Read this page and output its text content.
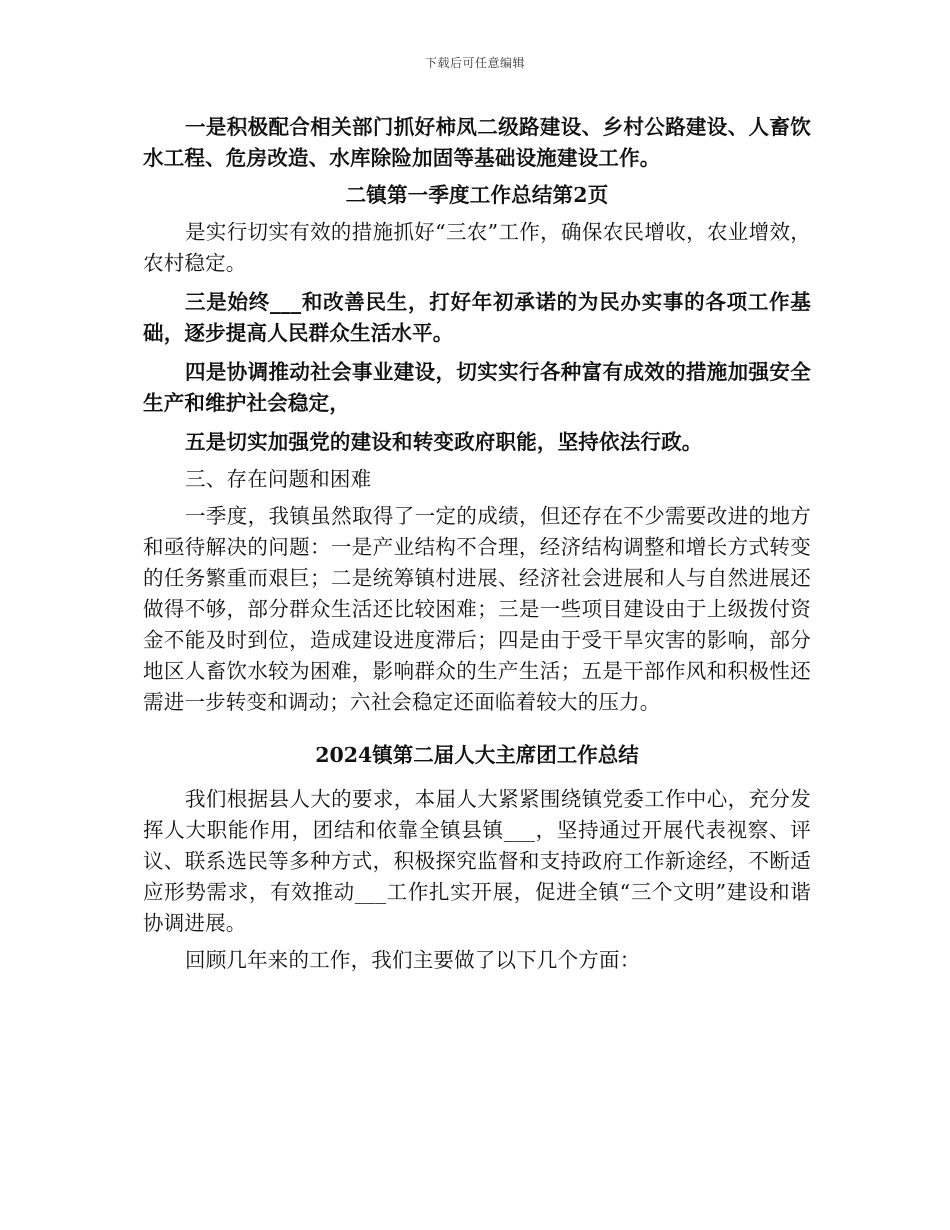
下载后可任意编辑

一是积极配合相关部门抓好柿凤二级路建设、乡村公路建设、人畜饮水工程、危房改造、水库除险加固等基础设施建设工作。

二镇第一季度工作总结第2页

是实行切实有效的措施抓好“三农”工作，确保农民增收，农业增效，农村稳定。

三是始终___和改善民生，打好年初承诺的为民办实事的各项工作基础，逐步提高人民群众生活水平。

四是协调推动社会事业建设，切实实行各种富有成效的措施加强安全生产和维护社会稳定，

五是切实加强党的建设和转变政府职能，坚持依法行政。

三、存在问题和困难

一季度，我镇虽然取得了一定的成绩，但还存在不少需要改进的地方和亟待解决的问题：一是产业结构不合理，经济结构调整和增长方式转变的任务繁重而艰巨；二是统筹镇村进展、经济社会进展和人与自然进展还做得不够，部分群众生活还比较困难；三是一些项目建设由于上级拨付资金不能及时到位，造成建设进度滞后；四是由于受干旱灾害的影响，部分地区人畜饮水较为困难，影响群众的生产生活；五是干部作风和积极性还需进一步转变和调动；六社会稳定还面临着较大的压力。

2024镇第二届人大主席团工作总结

我们根据县人大的要求，本届人大紧紧围绕镇党委工作中心，充分发挥人大职能作用，团结和依靠全镇县镇___，坚持通过开展代表视察、评议、联系选民等多种方式，积极探究监督和支持政府工作新途经，不断适应形势需求，有效推动___工作扎实开展，促进全镇“三个文明”建设和谐协调进展。

回顾几年来的工作，我们主要做了以下几个方面：
